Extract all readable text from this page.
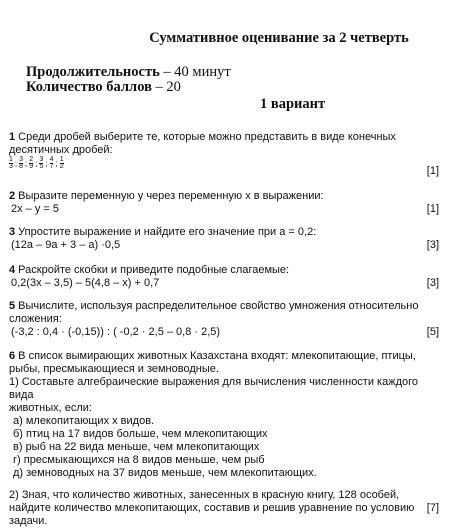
Суммативное оценивание за 2 четверть
Продолжительность – 40 минут
Количество баллов – 20
1 вариант
1 Среди дробей выберите те, которые можно представить в виде конечных
десятичных дробей:
$\frac{1}{3}$ ; $\frac{3}{8}$ ; $\frac{2}{9}$ ; $\frac{3}{5}$ ; $\frac{4}{7}$ ; $\frac{1}{2}$
[1]
2 Выразите переменную у через переменную х в выражении:
2х – у = 5	[1]
3 Упростите выражение и найдите его значение при а = 0,2:
(12а – 9а + 3 – а) ·0,5	[3]
4 Раскройте скобки и приведите подобные слагаемые:
0,2(3х – 3,5) – 5(4,8 – х) + 0,7	[3]
5 Вычислите, используя распределительное свойство умножения относительно
сложения:
(-3,2 : 0,4 · (-0,15)) : ( -0,2 · 2,5 – 0,8 · 2,5)	[5]
6 В список вымирающих животных Казахстана входят: млекопитающие, птицы,
рыбы, пресмыкающиеся и земноводные.
1) Составьте алгебраические выражения для вычисления численности каждого вида
животных, если:
а) млекопитающих х видов.
б) птиц на 17 видов больше, чем млекопитающих
в) рыб на 22 вида меньше, чем млекопитающих
г) пресмыкающихся на 8 видов меньше, чем рыб
д) земноводных на 37 видов меньше, чем млекопитающих.
2) Зная, что количество животных, занесенных в красную книгу, 128 особей,
найдите количество млекопитающих, составив и решив уравнение по условию
задачи.
[7]
